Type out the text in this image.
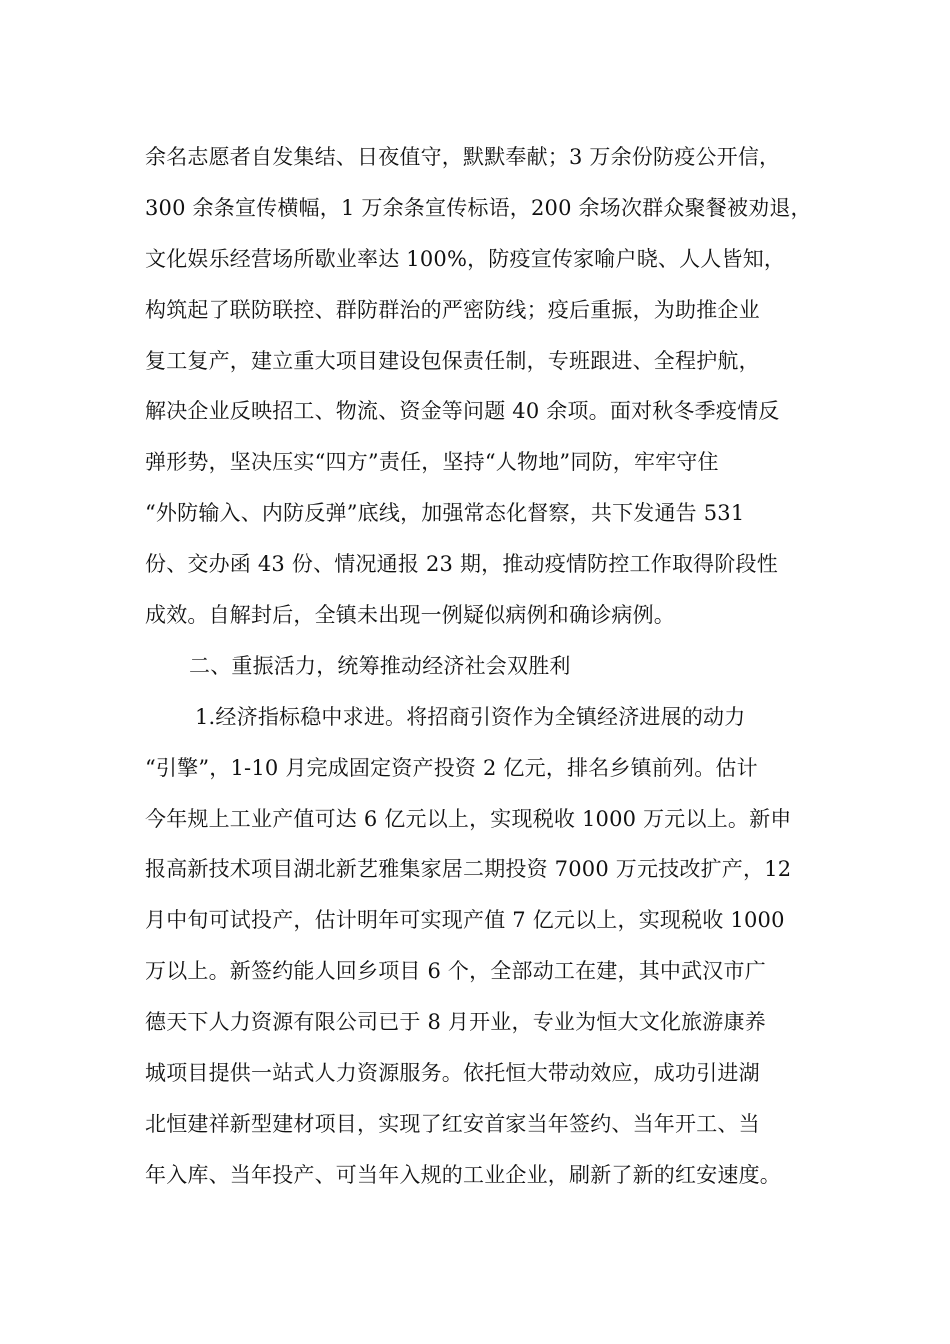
余名志愿者自发集结、日夜值守，默默奉献；3 万余份防疫公开信，
300 余条宣传横幅，1 万余条宣传标语，200 余场次群众聚餐被劝退，
文化娱乐经营场所歇业率达 100%，防疫宣传家喻户晓、人人皆知，
构筑起了联防联控、群防群治的严密防线；疫后重振，为助推企业
复工复产，建立重大项目建设包保责任制，专班跟进、全程护航，
解决企业反映招工、物流、资金等问题 40 余项。面对秋冬季疫情反
弹形势，坚决压实“四方”责任，坚持“人物地”同防，牢牢守住
“外防输入、内防反弹”底线，加强常态化督察，共下发通告 531
份、交办函 43 份、情况通报 23 期，推动疫情防控工作取得阶段性
成效。自解封后，全镇未出现一例疑似病例和确诊病例。
二、重振活力，统筹推动经济社会双胜利
1.经济指标稳中求进。将招商引资作为全镇经济进展的动力
“引擎”，1-10 月完成固定资产投资 2 亿元，排名乡镇前列。估计
今年规上工业产值可达 6 亿元以上，实现税收 1000 万元以上。新申
报高新技术项目湖北新艺雅集家居二期投资 7000 万元技改扩产，12
月中旬可试投产，估计明年可实现产值 7 亿元以上，实现税收 1000
万以上。新签约能人回乡项目 6 个，全部动工在建，其中武汉市广
德天下人力资源有限公司已于 8 月开业，专业为恒大文化旅游康养
城项目提供一站式人力资源服务。依托恒大带动效应，成功引进湖
北恒建祥新型建材项目，实现了红安首家当年签约、当年开工、当
年入库、当年投产、可当年入规的工业企业，刷新了新的红安速度。
